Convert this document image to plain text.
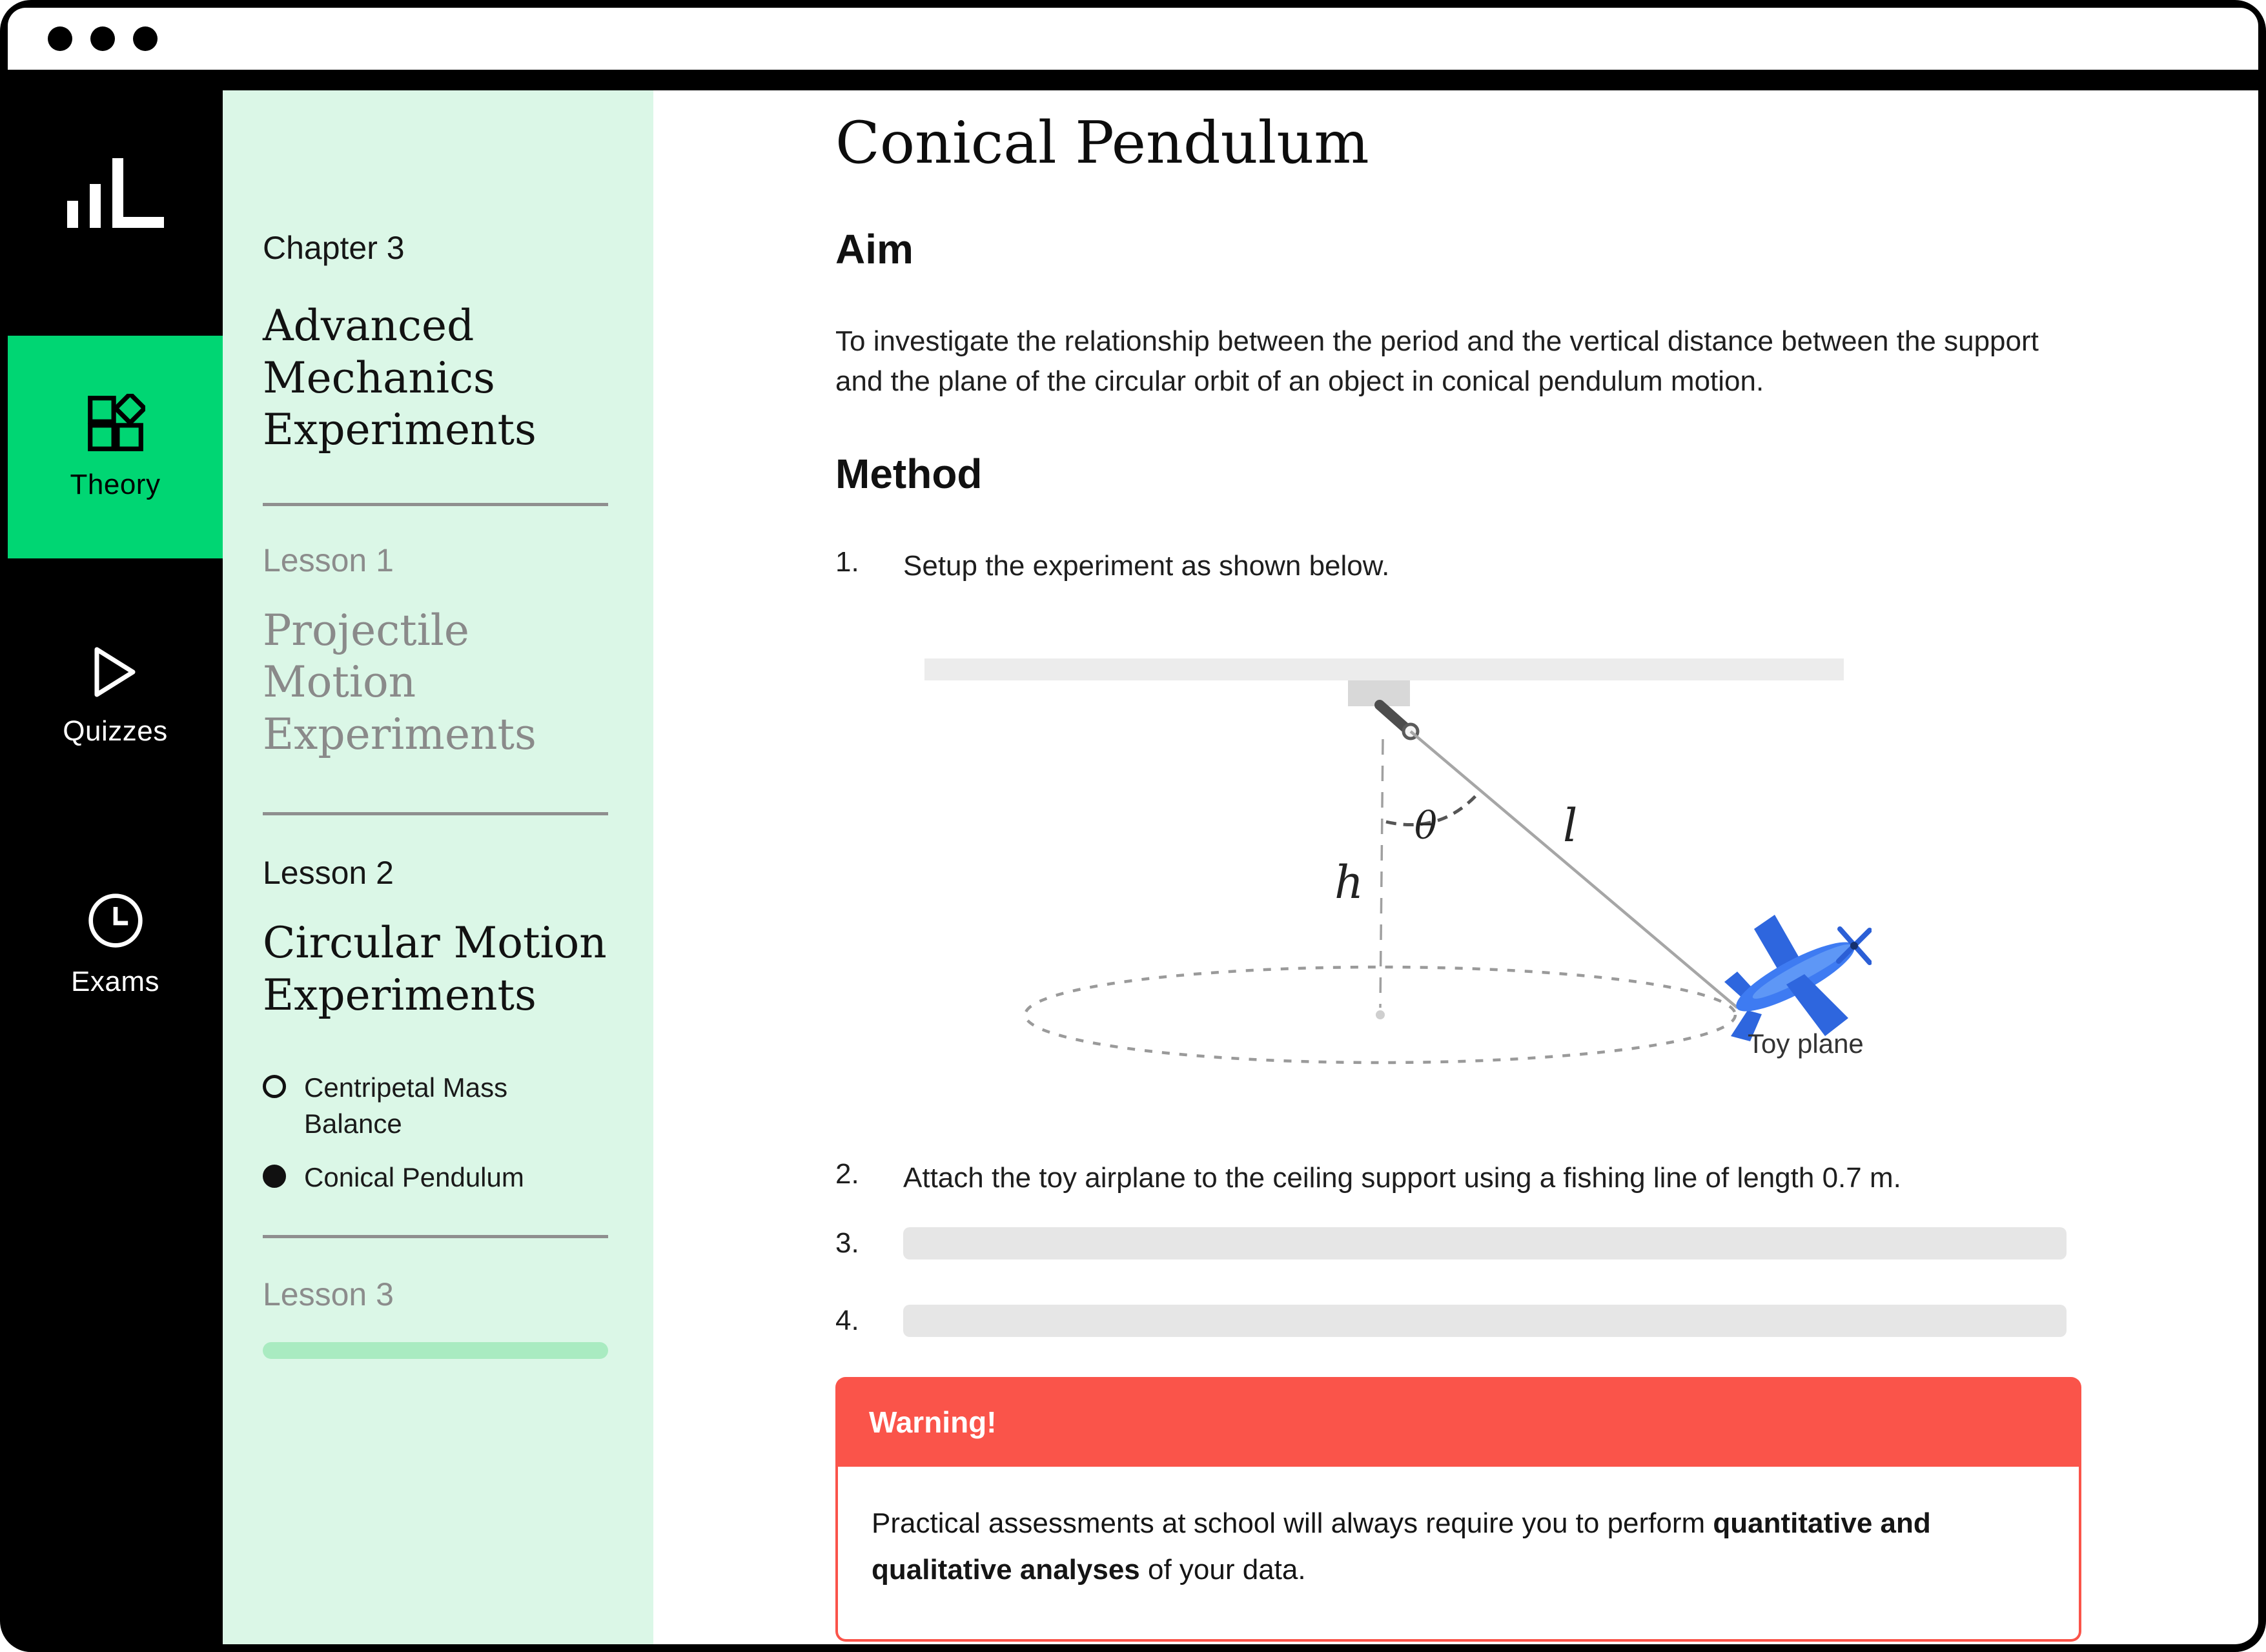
Theory
Quizzes
Exams
Chapter 3
Advanced Mechanics Experiments
Lesson 1
Projectile Motion Experiments
Lesson 2
Circular Motion Experiments
Centripetal Mass Balance
Conical Pendulum
Lesson 3
Conical Pendulum
Aim

To investigate the relationship between the period and the vertical distance between the support and the plane of the circular orbit of an object in conical pendulum motion.

Method
1.	Setup the experiment as shown below.
θ	l
h
Toy plane
2.	Attach the toy airplane to the ceiling support using a fishing line of length 0.7 m.
3.
4.
Warning!

Practical assessments at school will always require you to perform quantitative and qualitative analyses of your data.
